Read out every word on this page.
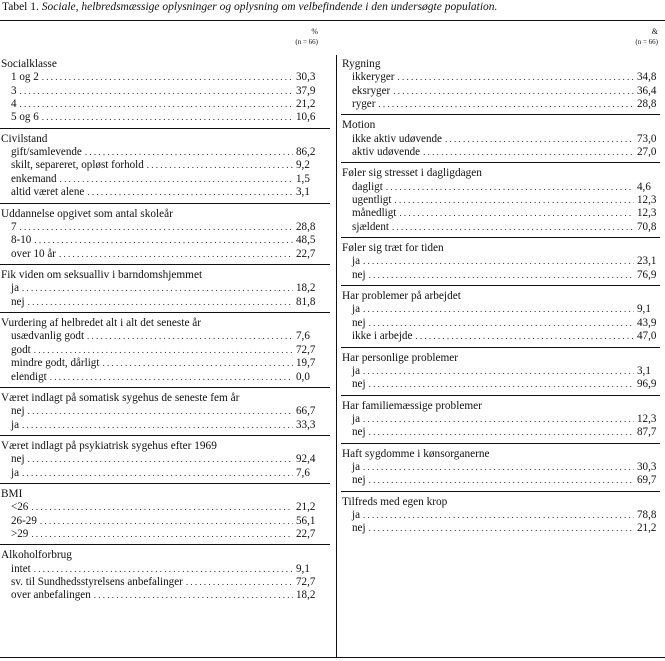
Tabel 1. Sociale, helbredsmæssige oplysninger og oplysning om velbefindende i den undersøgte population.
%
(n = 66)
Socialklasse
1 og 2 . . .	30,3
3 . . .	37,9
4 . . .	21,2
5 og 6 . . .	10,6
Civilstand
gift/samlevende . . .	86,2
skilt, separeret, opløst forhold . . .	9,2
enkemand . . .	1,5
altid været alene . . .	3,1
Uddannelse opgivet som antal skoleår
7 . . .	28,8
8-10 . . .	48,5
over 10 år . . .	22,7
Fik viden om seksualliv i barndomshjemmet
ja . . .	18,2
nej . . .	81,8
Vurdering af helbredet alt i alt det seneste år
usædvanlig godt . . .	7,6
godt . . .	72,7
mindre godt, dårligt . . .	19,7
elendigt . . .	0,0
Været indlagt på somatisk sygehus de seneste fem år
nej . . .	66,7
ja . . .	33,3
Været indlagt på psykiatrisk sygehus efter 1969
nej . . .	92,4
ja . . .	7,6
BMI
<26 . . .	21,2
26-29 . . .	56,1
>29 . . .	22,7
Alkoholforbrug
intet . . .	9,1
sv. til Sundhedsstyrelsens anbefalinger . . .	72,7
over anbefalingen . . .	18,2
&
(n = 66)
Rygning
ikkeryger . . .	34,8
eksryger . . .	36,4
ryger . . .	28,8
Motion
ikke aktiv udøvende . . .	73,0
aktiv udøvende . . .	27,0
Føler sig stresset i dagligdagen
dagligt . . .	4,6
ugentligt . . .	12,3
månedligt . . .	12,3
sjældent . . .	70,8
Føler sig træt for tiden
ja . . .	23,1
nej . . .	76,9
Har problemer på arbejdet
ja . . .	9,1
nej . . .	43,9
ikke i arbejde . . .	47,0
Har personlige problemer
ja . . .	3,1
nej . . .	96,9
Har familiemæssige problemer
ja . . .	12,3
nej . . .	87,7
Haft sygdomme i kønsorganerne
ja . . .	30,3
nej . . .	69,7
Tilfreds med egen krop
ja . . .	78,8
nej . . .	21,2
